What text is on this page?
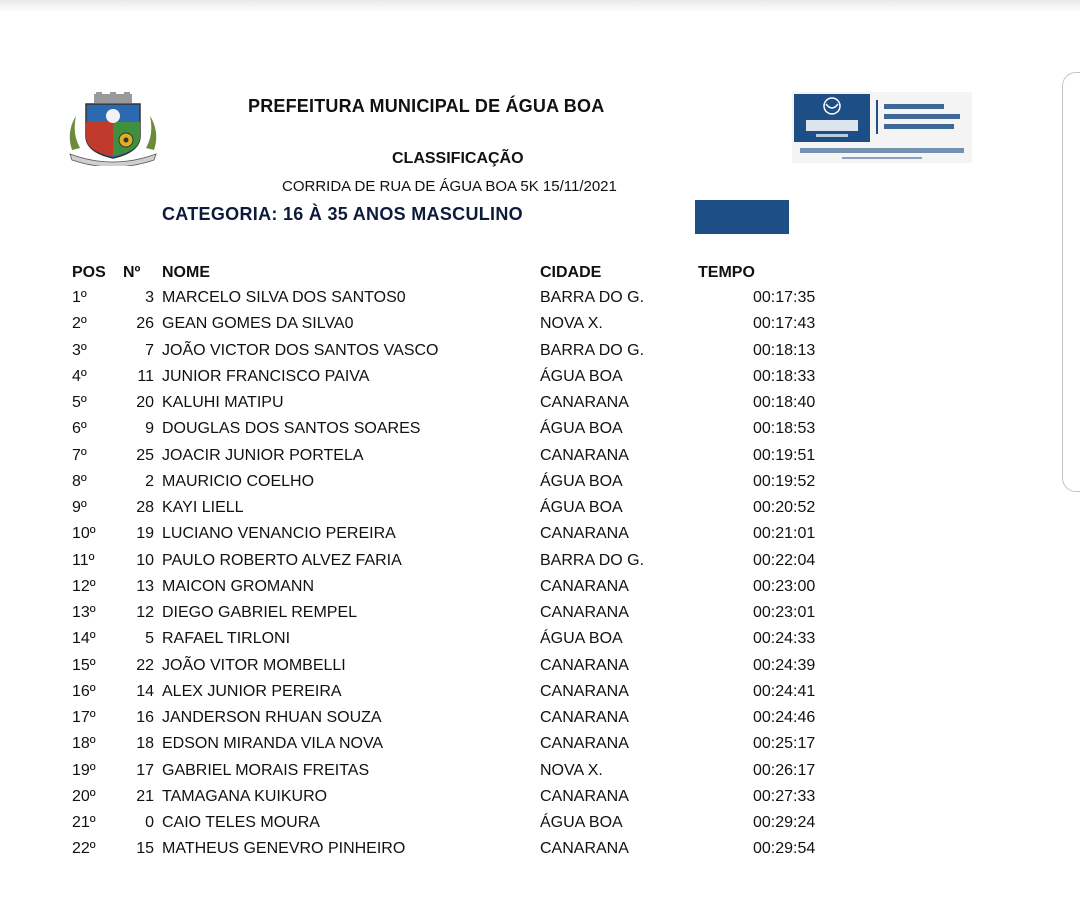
PREFEITURA MUNICIPAL DE ÁGUA BOA
CLASSIFICAÇÃO
CORRIDA DE RUA DE ÁGUA BOA 5K 15/11/2021
CATEGORIA: 16 À 35 ANOS MASCULINO
POS Nº NOME	CIDADE	TEMPO
1º	3 MARCELO SILVA DOS SANTOS0	BARRA DO G.	00:17:35
2º	26 GEAN GOMES DA SILVA0	NOVA X.	00:17:43
3º	7 JOÃO VICTOR DOS SANTOS VASCO	BARRA DO G.	00:18:13
4º	11 JUNIOR FRANCISCO PAIVA	ÁGUA BOA	00:18:33
5º	20 KALUHI MATIPU	CANARANA	00:18:40
6º	9 DOUGLAS DOS SANTOS SOARES	ÁGUA BOA	00:18:53
7º	25 JOACIR JUNIOR PORTELA	CANARANA	00:19:51
8º	2 MAURICIO COELHO	ÁGUA BOA	00:19:52
9º	28 KAYI LIELL	ÁGUA BOA	00:20:52
10º	19 LUCIANO VENANCIO PEREIRA	CANARANA	00:21:01
11º	10 PAULO ROBERTO ALVEZ FARIA	BARRA DO G.	00:22:04
12º	13 MAICON GROMANN	CANARANA	00:23:00
13º	12 DIEGO GABRIEL REMPEL	CANARANA	00:23:01
14º	5 RAFAEL TIRLONI	ÁGUA BOA	00:24:33
15º	22 JOÃO VITOR MOMBELLI	CANARANA	00:24:39
16º	14 ALEX JUNIOR PEREIRA	CANARANA	00:24:41
17º	16 JANDERSON RHUAN SOUZA	CANARANA	00:24:46
18º	18 EDSON MIRANDA VILA NOVA	CANARANA	00:25:17
19º	17 GABRIEL MORAIS FREITAS	NOVA X.	00:26:17
20º	21 TAMAGANA KUIKURO	CANARANA	00:27:33
21º	0 CAIO TELES MOURA	ÁGUA BOA	00:29:24
22º	15 MATHEUS GENEVRO PINHEIRO	CANARANA	00:29:54
